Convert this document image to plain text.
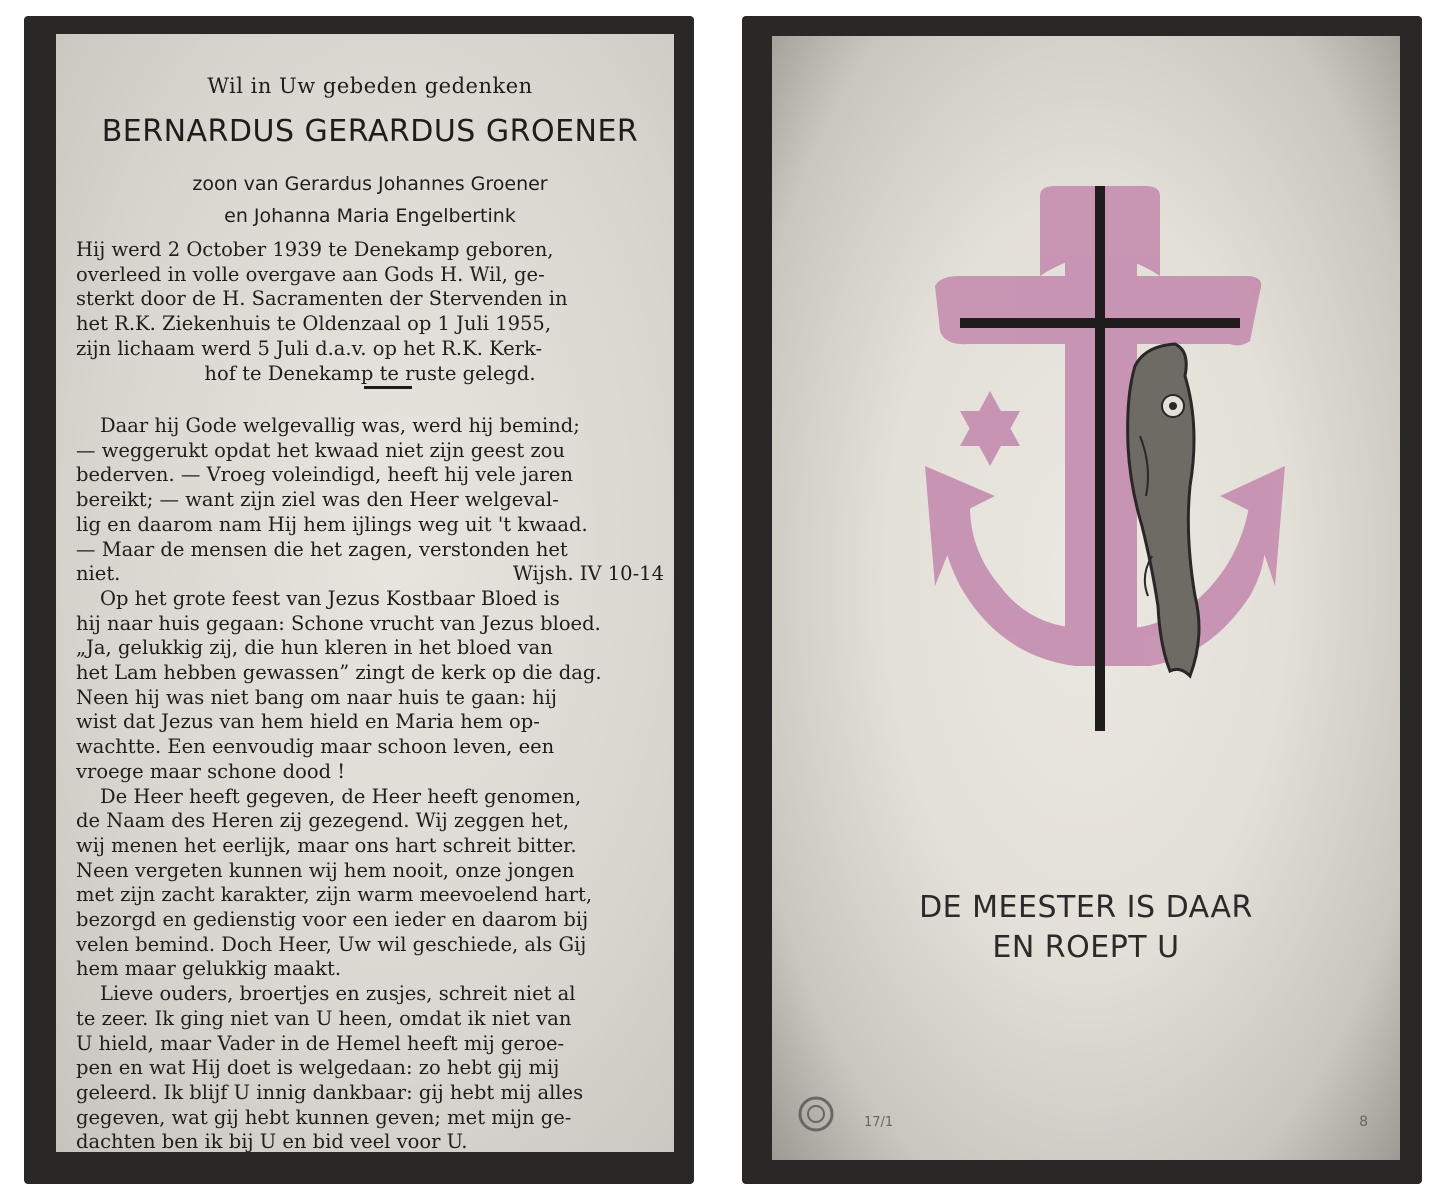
Wil in Uw gebeden gedenken
BERNARDUS GERARDUS GROENER
zoon van Gerardus Johannes Groener
en Johanna Maria Engelbertink
Hij werd 2 October 1939 te Denekamp geboren,
overleed in volle overgave aan Gods H. Wil, ge-
sterkt door de H. Sacramenten der Stervenden in
het R.K. Ziekenhuis te Oldenzaal op 1 Juli 1955,
zijn lichaam werd 5 Juli d.a.v. op het R.K. Kerk-
hof te Denekamp te ruste gelegd.
Daar hij Gode welgevallig was, werd hij bemind;
— weggerukt opdat het kwaad niet zijn geest zou
bederven. — Vroeg voleindigd, heeft hij vele jaren
bereikt; — want zijn ziel was den Heer welgeval-
lig en daarom nam Hij hem ijlings weg uit 't kwaad.
— Maar de mensen die het zagen, verstonden het
niet.	Wijsh. IV 10-14
Op het grote feest van Jezus Kostbaar Bloed is
hij naar huis gegaan: Schone vrucht van Jezus bloed.
„Ja, gelukkig zij, die hun kleren in het bloed van
het Lam hebben gewassen” zingt de kerk op die dag.
Neen hij was niet bang om naar huis te gaan: hij
wist dat Jezus van hem hield en Maria hem op-
wachtte. Een eenvoudig maar schoon leven, een
vroege maar schone dood !
De Heer heeft gegeven, de Heer heeft genomen,
de Naam des Heren zij gezegend. Wij zeggen het,
wij menen het eerlijk, maar ons hart schreit bitter.
Neen vergeten kunnen wij hem nooit, onze jongen
met zijn zacht karakter, zijn warm meevoelend hart,
bezorgd en gedienstig voor een ieder en daarom bij
velen bemind. Doch Heer, Uw wil geschiede, als Gij
hem maar gelukkig maakt.
Lieve ouders, broertjes en zusjes, schreit niet al
te zeer. Ik ging niet van U heen, omdat ik niet van
U hield, maar Vader in de Hemel heeft mij geroe-
pen en wat Hij doet is welgedaan: zo hebt gij mij
geleerd. Ik blijf U innig dankbaar: gij hebt mij alles
gegeven, wat gij hebt kunnen geven; met mijn ge-
dachten ben ik bij U en bid veel voor U.
DE MEESTER IS DAAR
EN ROEPT U
17/1	8
